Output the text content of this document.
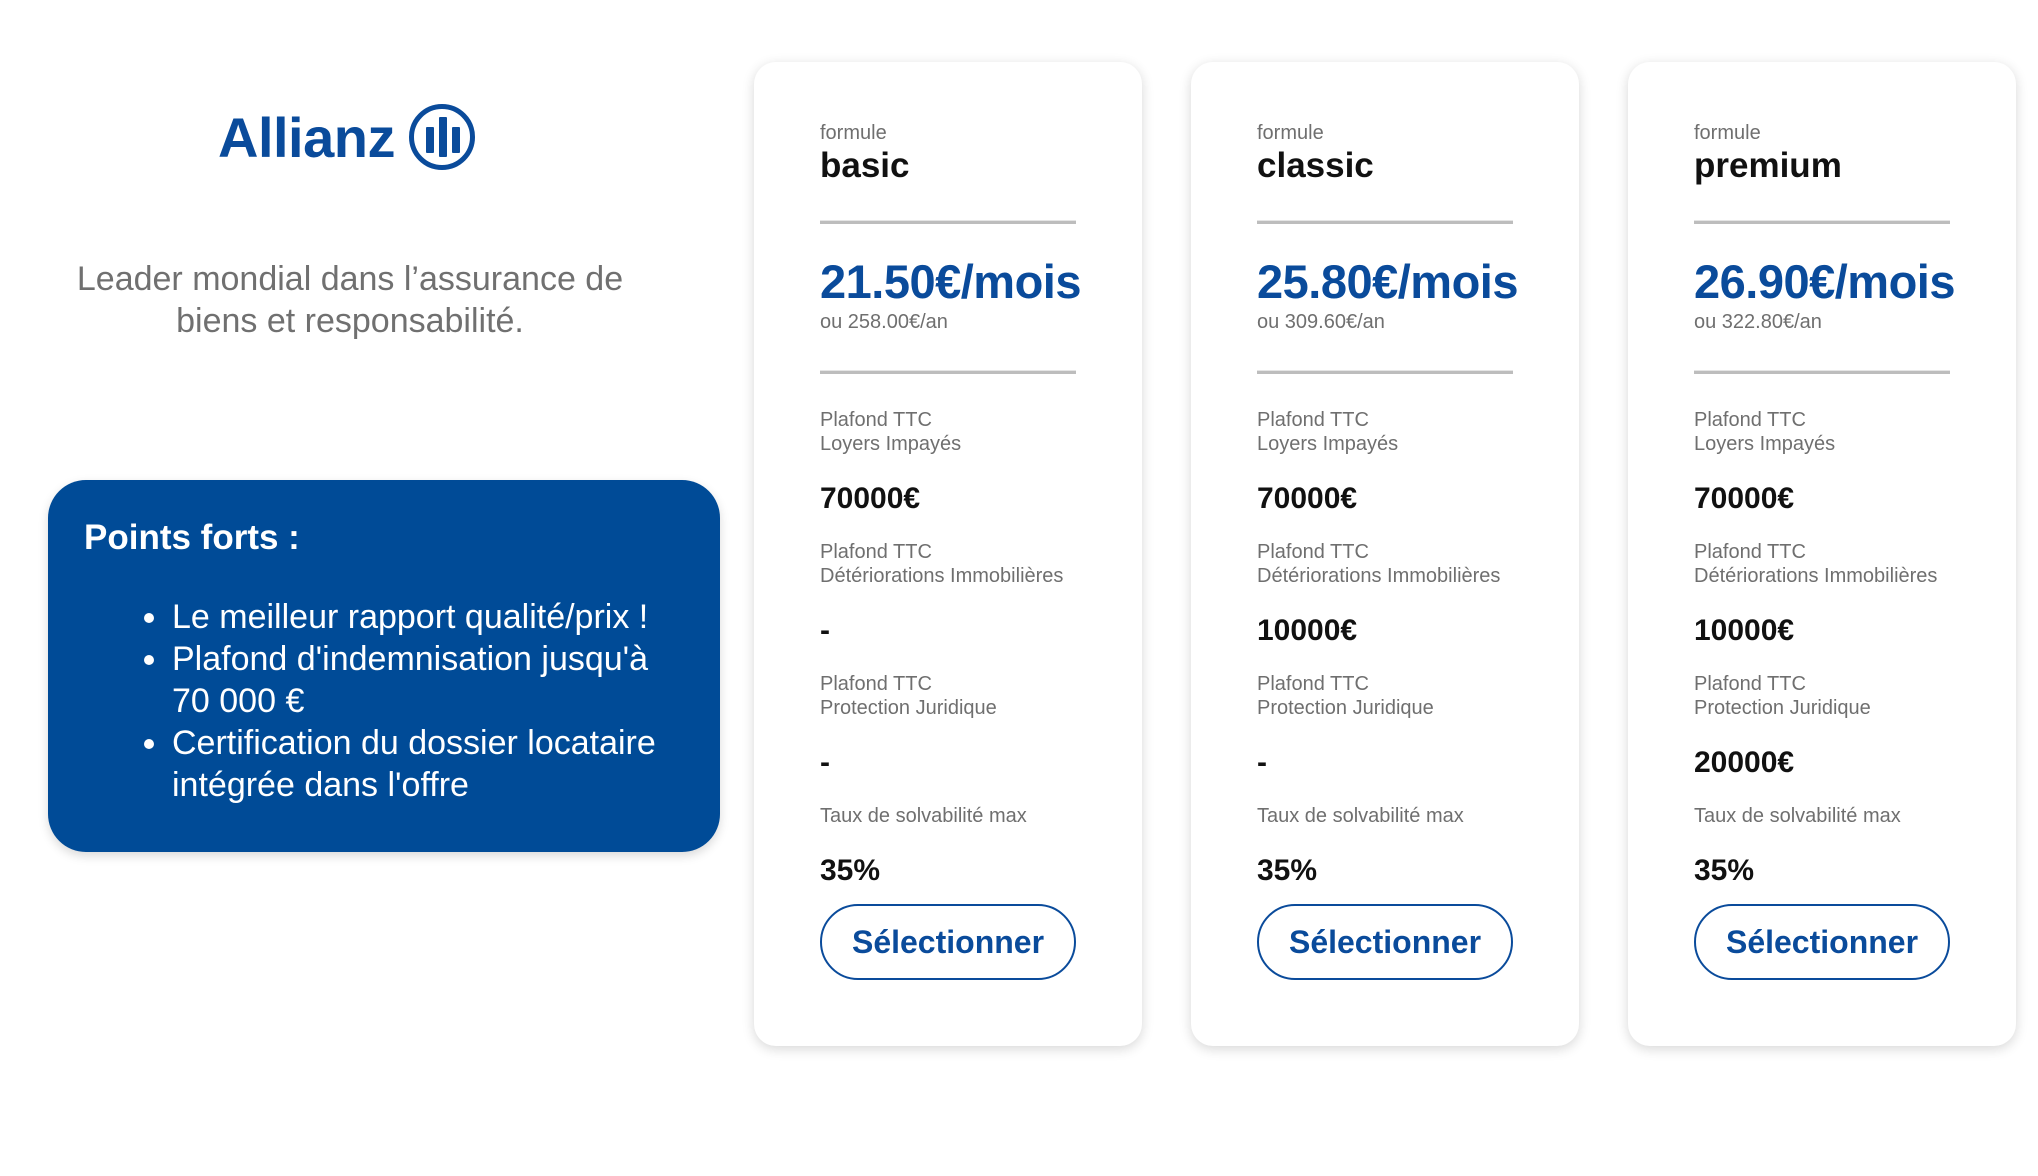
Allianz
Leader mondial dans l’assurance de biens et responsabilité.

Points forts :

Le meilleur rapport qualité/prix !
Plafond d'indemnisation jusqu'à 70 000 €
Certification du dossier locataire intégrée dans l'offre
formule
basic
21.50€/mois
ou 258.00€/an
Plafond TTC
Loyers Impayés
70000€
Plafond TTC
Détériorations Immobilières
-
Plafond TTC
Protection Juridique
-
Taux de solvabilité max
35%
Sélectionner
formule
classic
25.80€/mois
ou 309.60€/an
Plafond TTC
Loyers Impayés
70000€
Plafond TTC
Détériorations Immobilières
10000€
Plafond TTC
Protection Juridique
-
Taux de solvabilité max
35%
Sélectionner
formule
premium
26.90€/mois
ou 322.80€/an
Plafond TTC
Loyers Impayés
70000€
Plafond TTC
Détériorations Immobilières
10000€
Plafond TTC
Protection Juridique
20000€
Taux de solvabilité max
35%
Sélectionner
